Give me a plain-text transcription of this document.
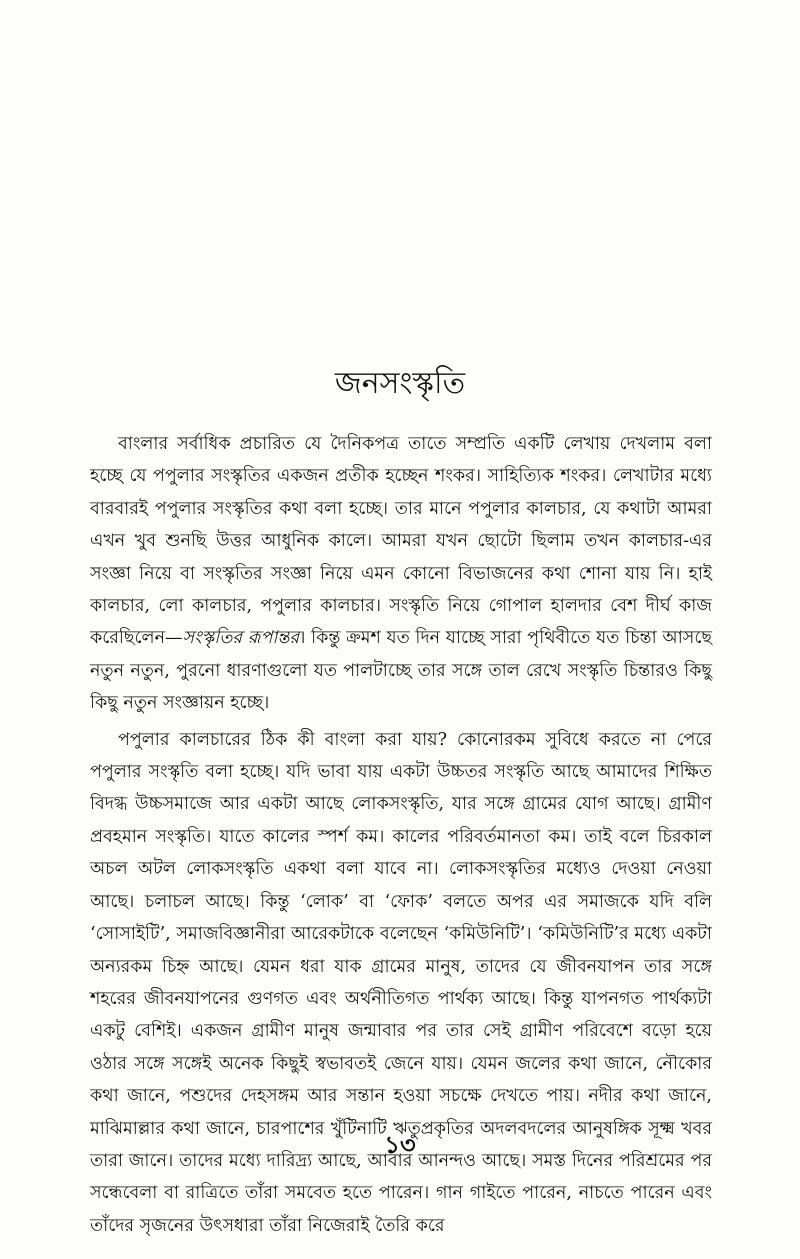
জনসংস্কৃতি

বাংলার সর্বাধিক প্রচারিত যে দৈনিকপত্র তাতে সম্প্রতি একটি লেখায় দেখলাম বলা হচ্ছে যে পপুলার সংস্কৃতির একজন প্রতীক হচ্ছেন শংকর। সাহিত্যিক শংকর। লেখাটার মধ্যে বারবারই পপুলার সংস্কৃতির কথা বলা হচ্ছে। তার মানে পপুলার কালচার, যে কথাটা আমরা এখন খুব শুনছি উত্তর আধুনিক কালে। আমরা যখন ছোটো ছিলাম তখন কালচার-এর সংজ্ঞা নিয়ে বা সংস্কৃতির সংজ্ঞা নিয়ে এমন কোনো বিভাজনের কথা শোনা যায় নি। হাই কালচার, লো কালচার, পপুলার কালচার। সংস্কৃতি নিয়ে গোপাল হালদার বেশ দীর্ঘ কাজ করেছিলেন—সংস্কৃতির রূপান্তর। কিন্তু ক্রমশ যত দিন যাচ্ছে সারা পৃথিবীতে যত চিন্তা আসছে নতুন নতুন, পুরনো ধারণাগুলো যত পালটাচ্ছে তার সঙ্গে তাল রেখে সংস্কৃতি চিন্তারও কিছু কিছু নতুন সংজ্ঞায়ন হচ্ছে।

পপুলার কালচারের ঠিক কী বাংলা করা যায়? কোনোরকম সুবিধে করতে না পেরে পপুলার সংস্কৃতি বলা হচ্ছে। যদি ভাবা যায় একটা উচ্চতর সংস্কৃতি আছে আমাদের শিক্ষিত বিদগ্ধ উচ্চসমাজে আর একটা আছে লোকসংস্কৃতি, যার সঙ্গে গ্রামের যোগ আছে। গ্রামীণ প্রবহমান সংস্কৃতি। যাতে কালের স্পর্শ কম। কালের পরিবর্তমানতা কম। তাই বলে চিরকাল অচল অটল লোকসংস্কৃতি একথা বলা যাবে না। লোকসংস্কৃতির মধ্যেও দেওয়া নেওয়া আছে। চলাচল আছে। কিন্তু ‘লোক’ বা ‘ফোক’ বলতে অপর এর সমাজকে যদি বলি ‘সোসাইটি’, সমাজবিজ্ঞানীরা আরেকটাকে বলেছেন ‘কমিউনিটি’। ‘কমিউনিটি’র মধ্যে একটা অন্যরকম চিহ্ন আছে। যেমন ধরা যাক গ্রামের মানুষ, তাদের যে জীবনযাপন তার সঙ্গে শহরের জীবনযাপনের গুণগত এবং অর্থনীতিগত পার্থক্য আছে। কিন্তু যাপনগত পার্থক্যটা একটু বেশিই। একজন গ্রামীণ মানুষ জন্মাবার পর তার সেই গ্রামীণ পরিবেশে বড়ো হয়ে ওঠার সঙ্গে সঙ্গেই অনেক কিছুই স্বভাবতই জেনে যায়। যেমন জলের কথা জানে, নৌকোর কথা জানে, পশুদের দেহসঙ্গম আর সন্তান হওয়া সচক্ষে দেখতে পায়। নদীর কথা জানে, মাঝিমাল্লার কথা জানে, চারপাশের খুঁটিনাটি ঋতুপ্রকৃতির অদলবদলের আনুষঙ্গিক সূক্ষ্ম খবর তারা জানে। তাদের মধ্যে দারিদ্র্য আছে, আবার আনন্দও আছে। সমস্ত দিনের পরিশ্রমের পর সন্ধেবেলা বা রাত্রিতে তাঁরা সমবেত হতে পারেন। গান গাইতে পারেন, নাচতে পারেন এবং তাঁদের সৃজনের উৎসধারা তাঁরা নিজেরাই তৈরি করে

১৩
